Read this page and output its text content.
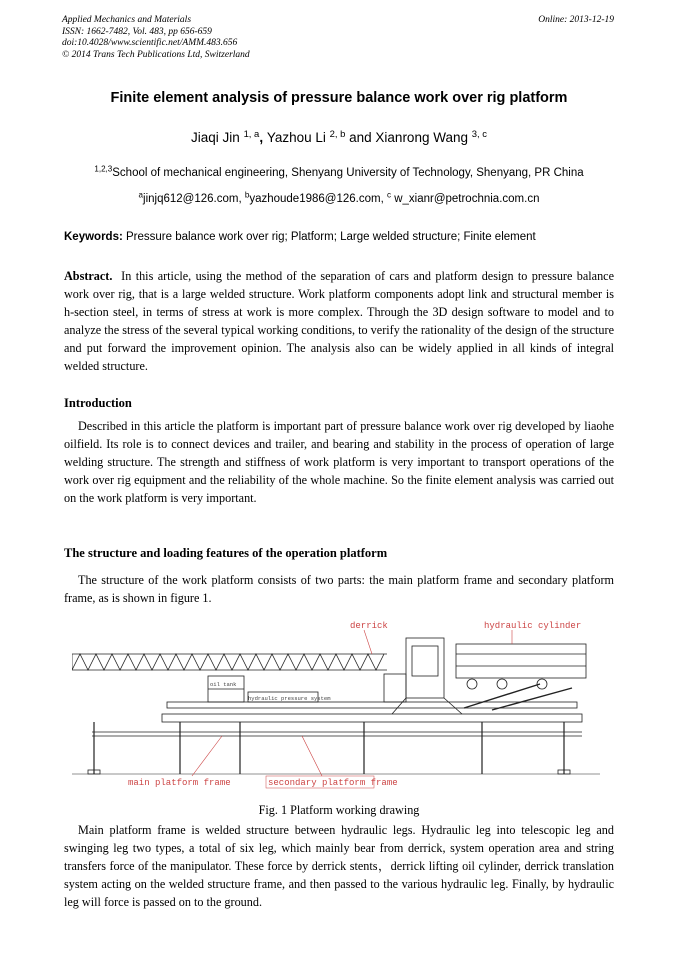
Applied Mechanics and Materials
ISSN: 1662-7482, Vol. 483, pp 656-659
doi:10.4028/www.scientific.net/AMM.483.656
© 2014 Trans Tech Publications Ltd, Switzerland
Online: 2013-12-19
Finite element analysis of pressure balance work over rig platform
Jiaqi Jin $^{1, a}$, Yazhou Li $^{2, b}$ and Xianrong Wang $^{3, c}$
$^{1,2,3}$School of mechanical engineering, Shenyang University of Technology, Shenyang, PR China
$^a$jinjq612@126.com, $^b$yazhoude1986@126.com, $^c$ w_xianr@petrochnia.com.cn
Keywords: Pressure balance work over rig; Platform; Large welded structure; Finite element
Abstract. In this article, using the method of the separation of cars and platform design to pressure balance work over rig, that is a large welded structure. Work platform components adopt link and structural member is h-section steel, in terms of stress at work is more complex. Through the 3D design software to model and to analyze the stress of the several typical working conditions, to verify the rationality of the design of the structure and put forward the improvement opinion. The analysis also can be widely applied in all kinds of integral welded structure.
Introduction
Described in this article the platform is important part of pressure balance work over rig developed by liaohe oilfield. Its role is to connect devices and trailer, and bearing and stability in the process of operation of large welding structure. The strength and stiffness of work platform is very important to transport operations of the work over rig equipment and the reliability of the whole machine. So the finite element analysis was carried out on the work platform is very important.
The structure and loading features of the operation platform
The structure of the work platform consists of two parts: the main platform frame and secondary platform frame, as is shown in figure 1.
derrick	hydraulic cylinder
hydraulic pressure system
oil tank
main platform frame	secondary platform frame
Fig. 1 Platform working drawing
Main platform frame is welded structure between hydraulic legs. Hydraulic leg into telescopic leg and swinging leg two types, a total of six leg, which mainly bear from derrick, system operation area and string transfers force of the manipulator. These force by derrick stents，derrick lifting oil cylinder, derrick translation system acting on the welded structure frame, and then passed to the various hydraulic leg. Finally, by hydraulic leg will force is passed on to the ground.
